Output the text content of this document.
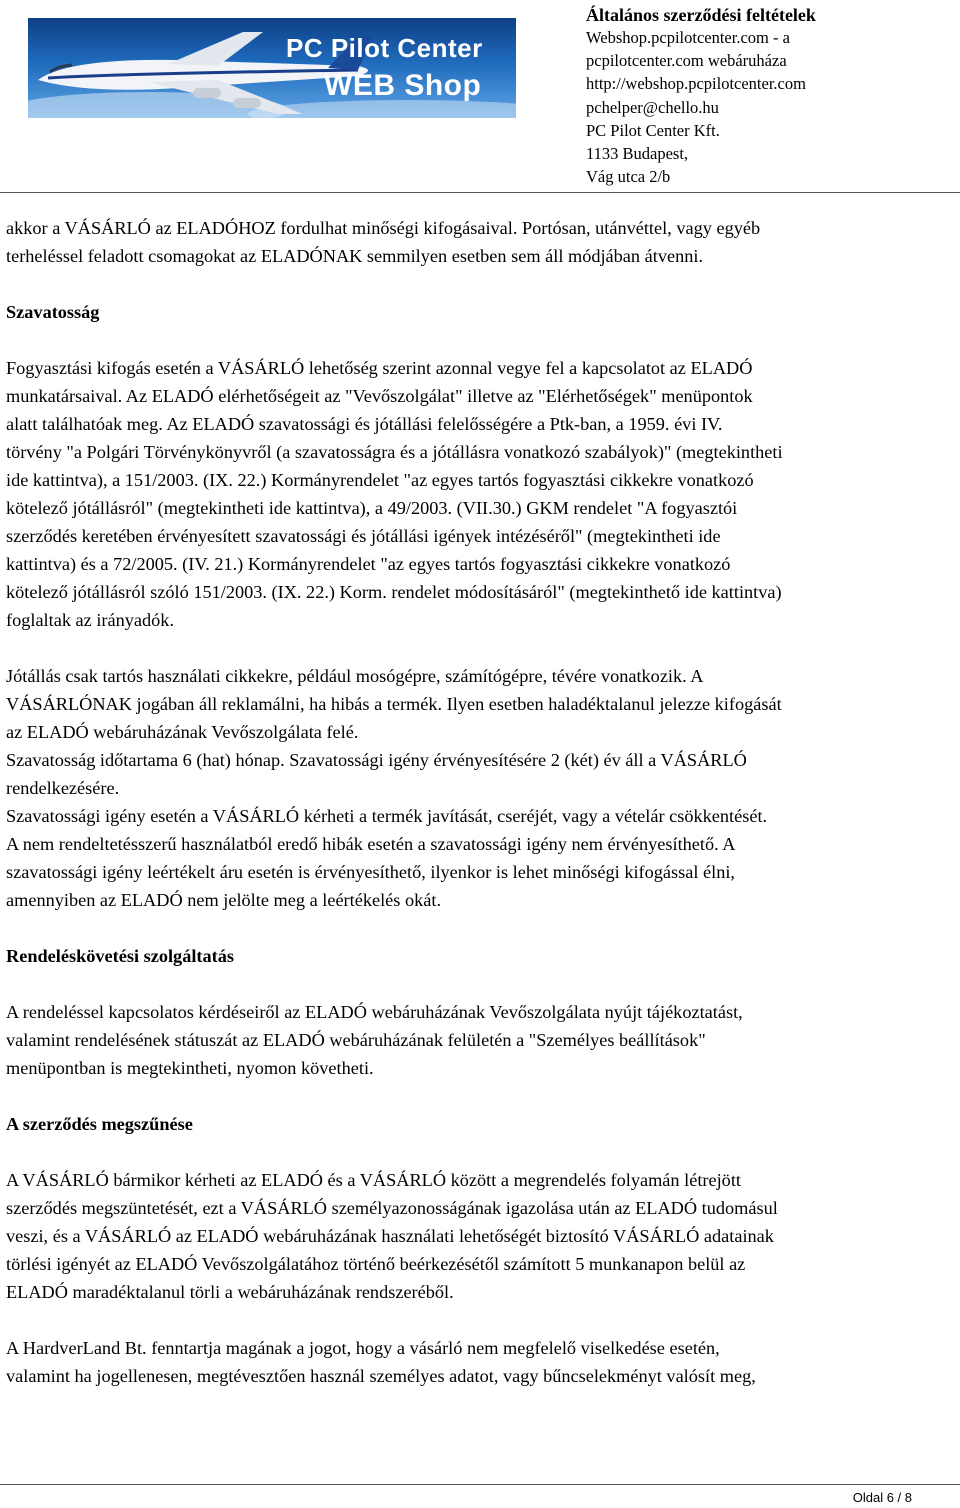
PC Pilot Center
WEB Shop
Általános szerződési feltételek
Webshop.pcpilotcenter.com - a
pcpilotcenter.com webáruháza
http://webshop.pcpilotcenter.com
pchelper@chello.hu
PC Pilot Center Kft.
1133 Budapest,
Vág utca 2/b

akkor a VÁSÁRLÓ az ELADÓHOZ fordulhat minőségi kifogásaival. Portósan, utánvéttel, vagy egyéb
terheléssel feladott csomagokat az ELADÓNAK semmilyen esetben sem áll módjában átvenni.

Szavatosság

Fogyasztási kifogás esetén a VÁSÁRLÓ lehetőség szerint azonnal vegye fel a kapcsolatot az ELADÓ
munkatársaival. Az ELADÓ elérhetőségeit az "Vevőszolgálat" illetve az "Elérhetőségek" menüpontok
alatt találhatóak meg. Az ELADÓ szavatossági és jótállási felelősségére a Ptk-ban, a 1959. évi IV.
törvény "a Polgári Törvénykönyvről (a szavatosságra és a jótállásra vonatkozó szabályok)" (megtekintheti
ide kattintva), a 151/2003. (IX. 22.) Kormányrendelet "az egyes tartós fogyasztási cikkekre vonatkozó
kötelező jótállásról" (megtekintheti ide kattintva), a 49/2003. (VII.30.) GKM rendelet "A fogyasztói
szerződés keretében érvényesített szavatossági és jótállási igények intézéséről" (megtekintheti ide
kattintva) és a 72/2005. (IV. 21.) Kormányrendelet "az egyes tartós fogyasztási cikkekre vonatkozó
kötelező jótállásról szóló 151/2003. (IX. 22.) Korm. rendelet módosításáról" (megtekinthető ide kattintva)
foglaltak az irányadók.

Jótállás csak tartós használati cikkekre, például mosógépre, számítógépre, tévére vonatkozik. A
VÁSÁRLÓNAK jogában áll reklamálni, ha hibás a termék. Ilyen esetben haladéktalanul jelezze kifogását
az ELADÓ webáruházának Vevőszolgálata felé.
Szavatosság időtartama 6 (hat) hónap. Szavatossági igény érvényesítésére 2 (két) év áll a VÁSÁRLÓ
rendelkezésére.
Szavatossági igény esetén a VÁSÁRLÓ kérheti a termék javítását, cseréjét, vagy a vételár csökkentését.
A nem rendeltetésszerű használatból eredő hibák esetén a szavatossági igény nem érvényesíthető. A
szavatossági igény leértékelt áru esetén is érvényesíthető, ilyenkor is lehet minőségi kifogással élni,
amennyiben az ELADÓ nem jelölte meg a leértékelés okát.

Rendeléskövetési szolgáltatás

A rendeléssel kapcsolatos kérdéseiről az ELADÓ webáruházának Vevőszolgálata nyújt tájékoztatást,
valamint rendelésének státuszát az ELADÓ webáruházának felületén a "Személyes beállítások"
menüpontban is megtekintheti, nyomon követheti.

A szerződés megszűnése

A VÁSÁRLÓ bármikor kérheti az ELADÓ és a VÁSÁRLÓ között a megrendelés folyamán létrejött
szerződés megszüntetését, ezt a VÁSÁRLÓ személyazonosságának igazolása után az ELADÓ tudomásul
veszi, és a VÁSÁRLÓ az ELADÓ webáruházának használati lehetőségét biztosító VÁSÁRLÓ adatainak
törlési igényét az ELADÓ Vevőszolgálatához történő beérkezésétől számított 5 munkanapon belül az
ELADÓ maradéktalanul törli a webáruházának rendszeréből.

A HardverLand Bt. fenntartja magának a jogot, hogy a vásárló nem megfelelő viselkedése esetén,
valamint ha jogellenesen, megtévesztően használ személyes adatot, vagy bűncselekményt valósít meg,

Oldal 6 / 8
